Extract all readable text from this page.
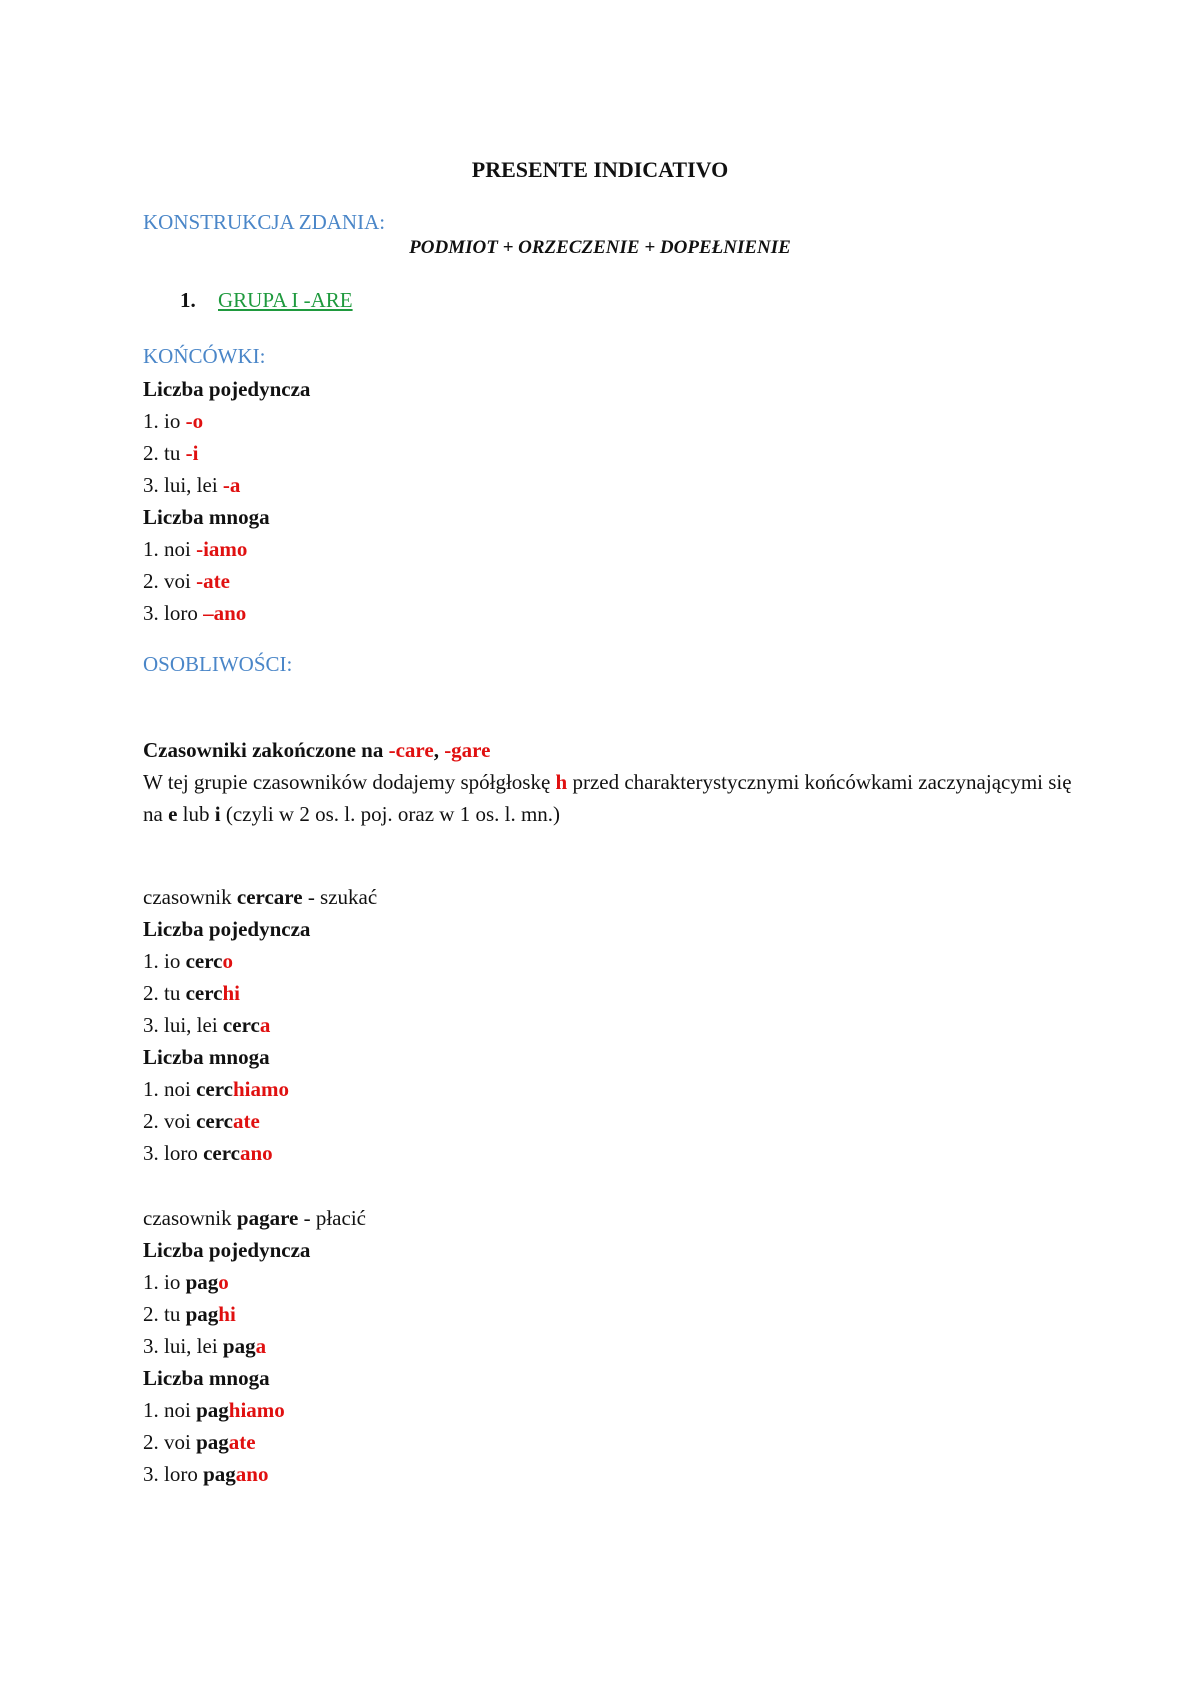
PRESENTE INDICATIVO
KONSTRUKCJA ZDANIA:
PODMIOT + ORZECZENIE + DOPEŁNIENIE
1. GRUPA I -ARE
KOŃCÓWKI:
Liczba pojedyncza
1. io -o
2. tu -i
3. lui, lei -a
Liczba mnoga
1. noi -iamo
2. voi -ate
3. loro –ano
OSOBLIWOŚCI:
Czasowniki zakończone na -care, -gare
W tej grupie czasowników dodajemy spółgłoskę h przed charakterystycznymi końcówkami zaczynającymi się na e lub i (czyli w 2 os. l. poj. oraz w 1 os. l. mn.)
czasownik cercare - szukać
Liczba pojedyncza
1. io cerco
2. tu cerchi
3. lui, lei cerca
Liczba mnoga
1. noi cerchiamo
2. voi cercate
3. loro cercano
czasownik pagare - płacić
Liczba pojedyncza
1. io pago
2. tu paghi
3. lui, lei paga
Liczba mnoga
1. noi paghiamo
2. voi pagate
3. loro pagano
